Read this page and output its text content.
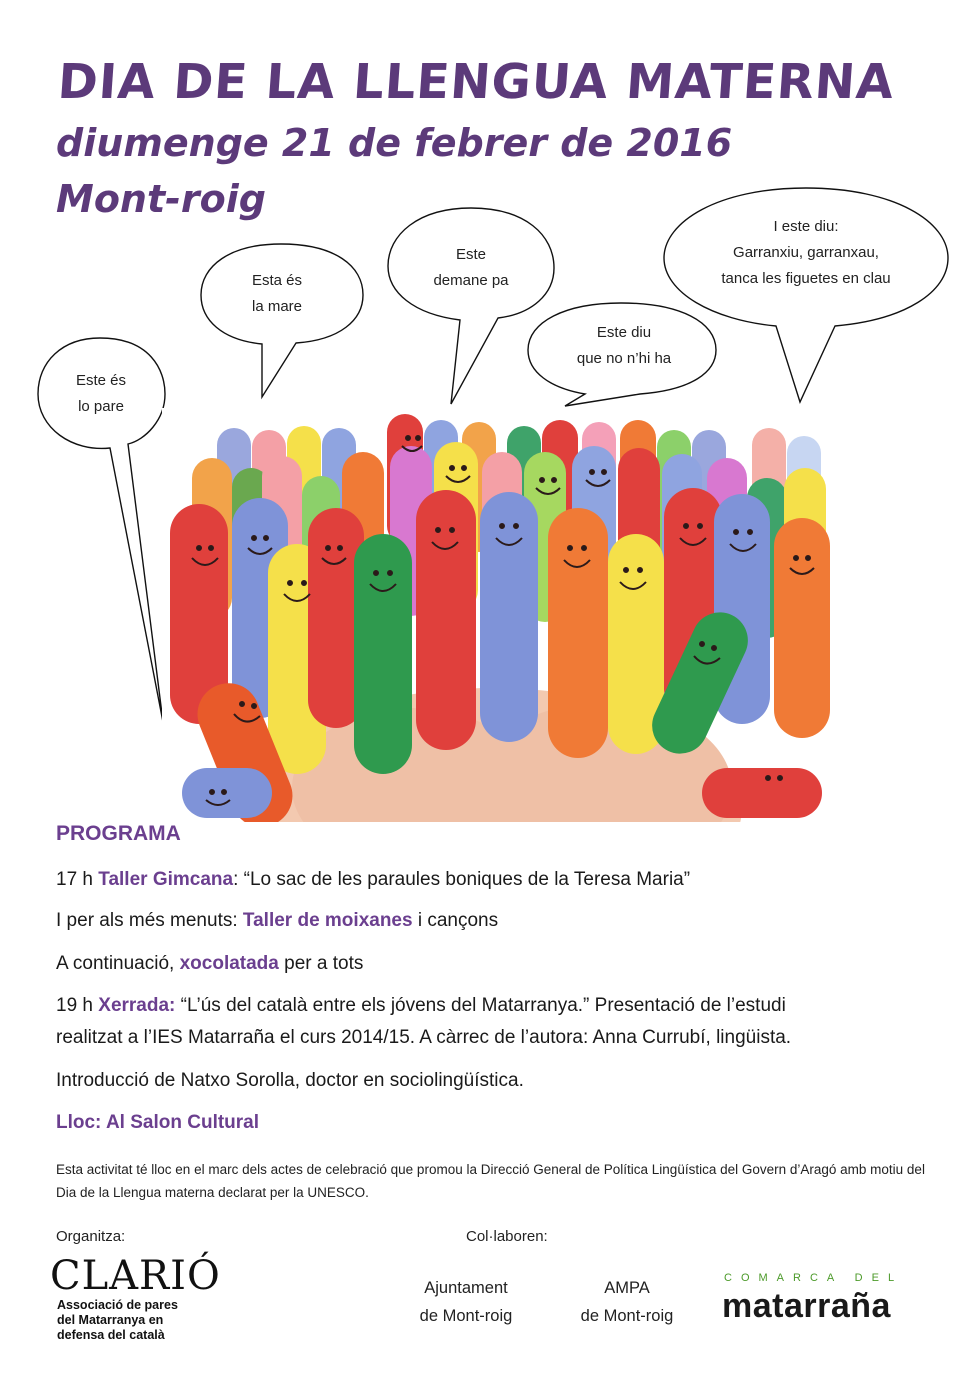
DIA DE LA LLENGUA MATERNA
diumenge 21 de febrer de 2016
Mont-roig
Este és
lo pare
Esta és
la mare
Este
demane pa
Este diu
que no n’hi ha
I este diu:
Garranxiu, garranxau,
tanca les figuetes en clau
PROGRAMA
17 h Taller Gimcana: “Lo sac de les paraules boniques de la Teresa Maria”
I per als més menuts: Taller de moixanes i cançons
A continuació, xocolatada per a tots
19 h Xerrada: “L’ús del català entre els jóvens del Matarranya.” Presentació de l’estudi
realitzat a l’IES Matarraña el curs 2014/15. A càrrec de l’autora: Anna Currubí, lingüista.
Introducció de Natxo Sorolla, doctor en sociolingüística.
Lloc: Al Salon Cultural
Esta activitat té lloc en el marc dels actes de celebració que promou la Direcció General de Política Lingüística del Govern d’Aragó amb motiu del Dia de la Llengua materna declarat per la UNESCO.
Organitza:	Col·laboren:
CLARIÓ
Associació de pares
del Matarranya en
defensa del català
Ajuntament
de Mont-roig
AMPA
de Mont-roig
COMARCA DEL
matarraña
